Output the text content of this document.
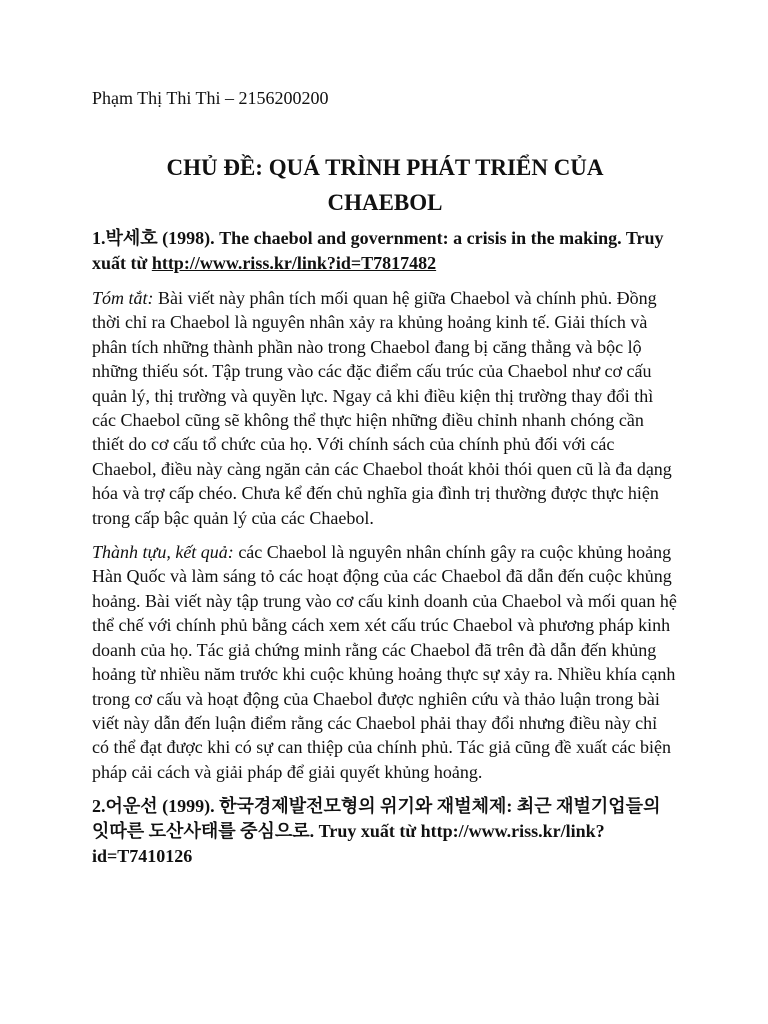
Phạm Thị Thi Thi – 2156200200

CHỦ ĐỀ: QUÁ TRÌNH PHÁT TRIỂN CỦA CHAEBOL

1.박세호 (1998). The chaebol and government: a crisis in the making. Truy xuất từ http://www.riss.kr/link?id=T7817482

Tóm tắt: Bài viết này phân tích mối quan hệ giữa Chaebol và chính phủ. Đồng thời chỉ ra Chaebol là nguyên nhân xảy ra khủng hoảng kinh tế. Giải thích và phân tích những thành phần nào trong Chaebol đang bị căng thẳng và bộc lộ những thiếu sót. Tập trung vào các đặc điểm cấu trúc của Chaebol như cơ cấu quản lý, thị trường và quyền lực. Ngay cả khi điều kiện thị trường thay đổi thì các Chaebol cũng sẽ không thể thực hiện những điều chỉnh nhanh chóng cần thiết do cơ cấu tổ chức của họ. Với chính sách của chính phủ đối với các Chaebol, điều này càng ngăn cản các Chaebol thoát khỏi thói quen cũ là đa dạng hóa và trợ cấp chéo. Chưa kể đến chủ nghĩa gia đình trị thường được thực hiện trong cấp bậc quản lý của các Chaebol.

Thành tựu, kết quả: các Chaebol là nguyên nhân chính gây ra cuộc khủng hoảng Hàn Quốc và làm sáng tỏ các hoạt động của các Chaebol đã dẫn đến cuộc khủng hoảng. Bài viết này tập trung vào cơ cấu kinh doanh của Chaebol và mối quan hệ thể chế với chính phủ bằng cách xem xét cấu trúc Chaebol và phương pháp kinh doanh của họ. Tác giả chứng minh rằng các Chaebol đã trên đà dẫn đến khủng hoảng từ nhiều năm trước khi cuộc khủng hoảng thực sự xảy ra. Nhiều khía cạnh trong cơ cấu và hoạt động của Chaebol được nghiên cứu và thảo luận trong bài viết này dẫn đến luận điểm rằng các Chaebol phải thay đổi nhưng điều này chỉ có thể đạt được khi có sự can thiệp của chính phủ. Tác giả cũng đề xuất các biện pháp cải cách và giải pháp để giải quyết khủng hoảng.

2.어운선 (1999). 한국경제발전모형의 위기와 재벌체제: 최근 재벌기업들의 잇따른 도산사태를 중심으로. Truy xuất từ http://www.riss.kr/link?id=T7410126
